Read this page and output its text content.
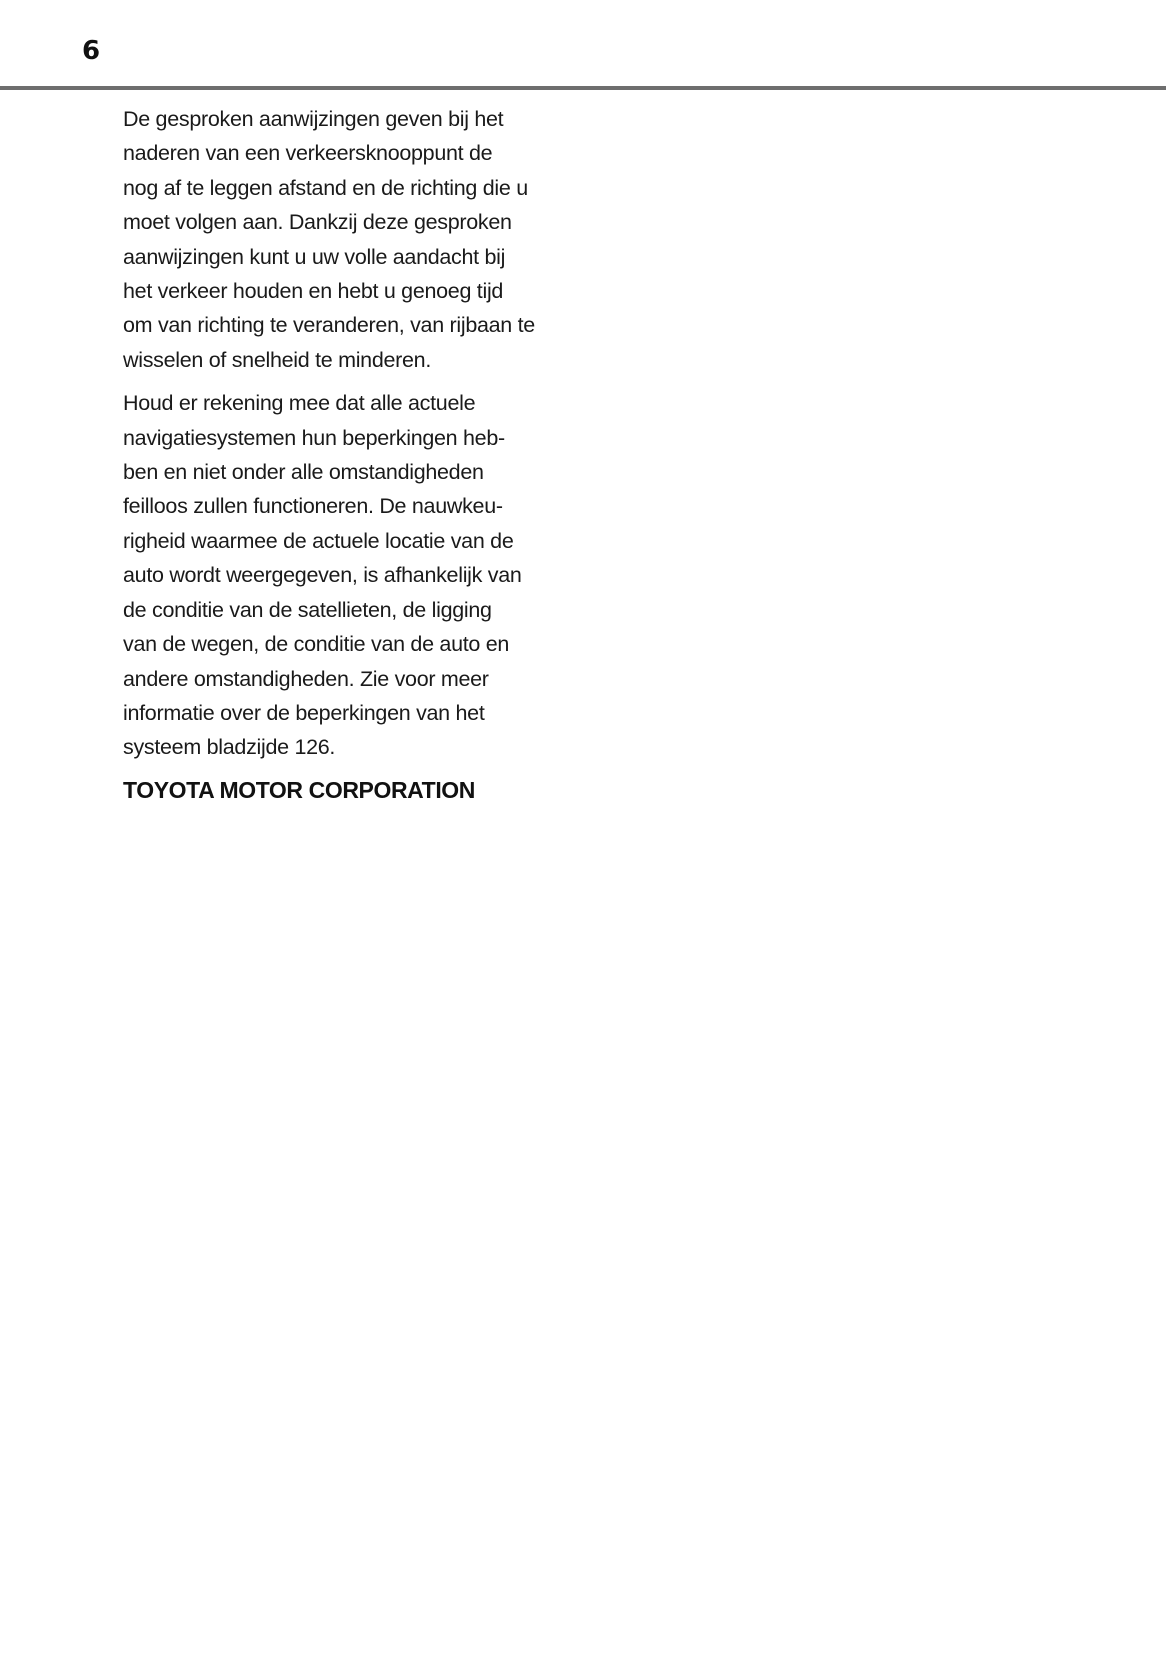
6

De gesproken aanwijzingen geven bij het
naderen van een verkeersknooppunt de
nog af te leggen afstand en de richting die u
moet volgen aan. Dankzij deze gesproken
aanwijzingen kunt u uw volle aandacht bij
het verkeer houden en hebt u genoeg tijd
om van richting te veranderen, van rijbaan te
wisselen of snelheid te minderen.

Houd er rekening mee dat alle actuele
navigatiesystemen hun beperkingen heb-
ben en niet onder alle omstandigheden
feilloos zullen functioneren. De nauwkeu-
righeid waarmee de actuele locatie van de
auto wordt weergegeven, is afhankelijk van
de conditie van de satellieten, de ligging
van de wegen, de conditie van de auto en
andere omstandigheden. Zie voor meer
informatie over de beperkingen van het
systeem bladzijde 126.

TOYOTA MOTOR CORPORATION
